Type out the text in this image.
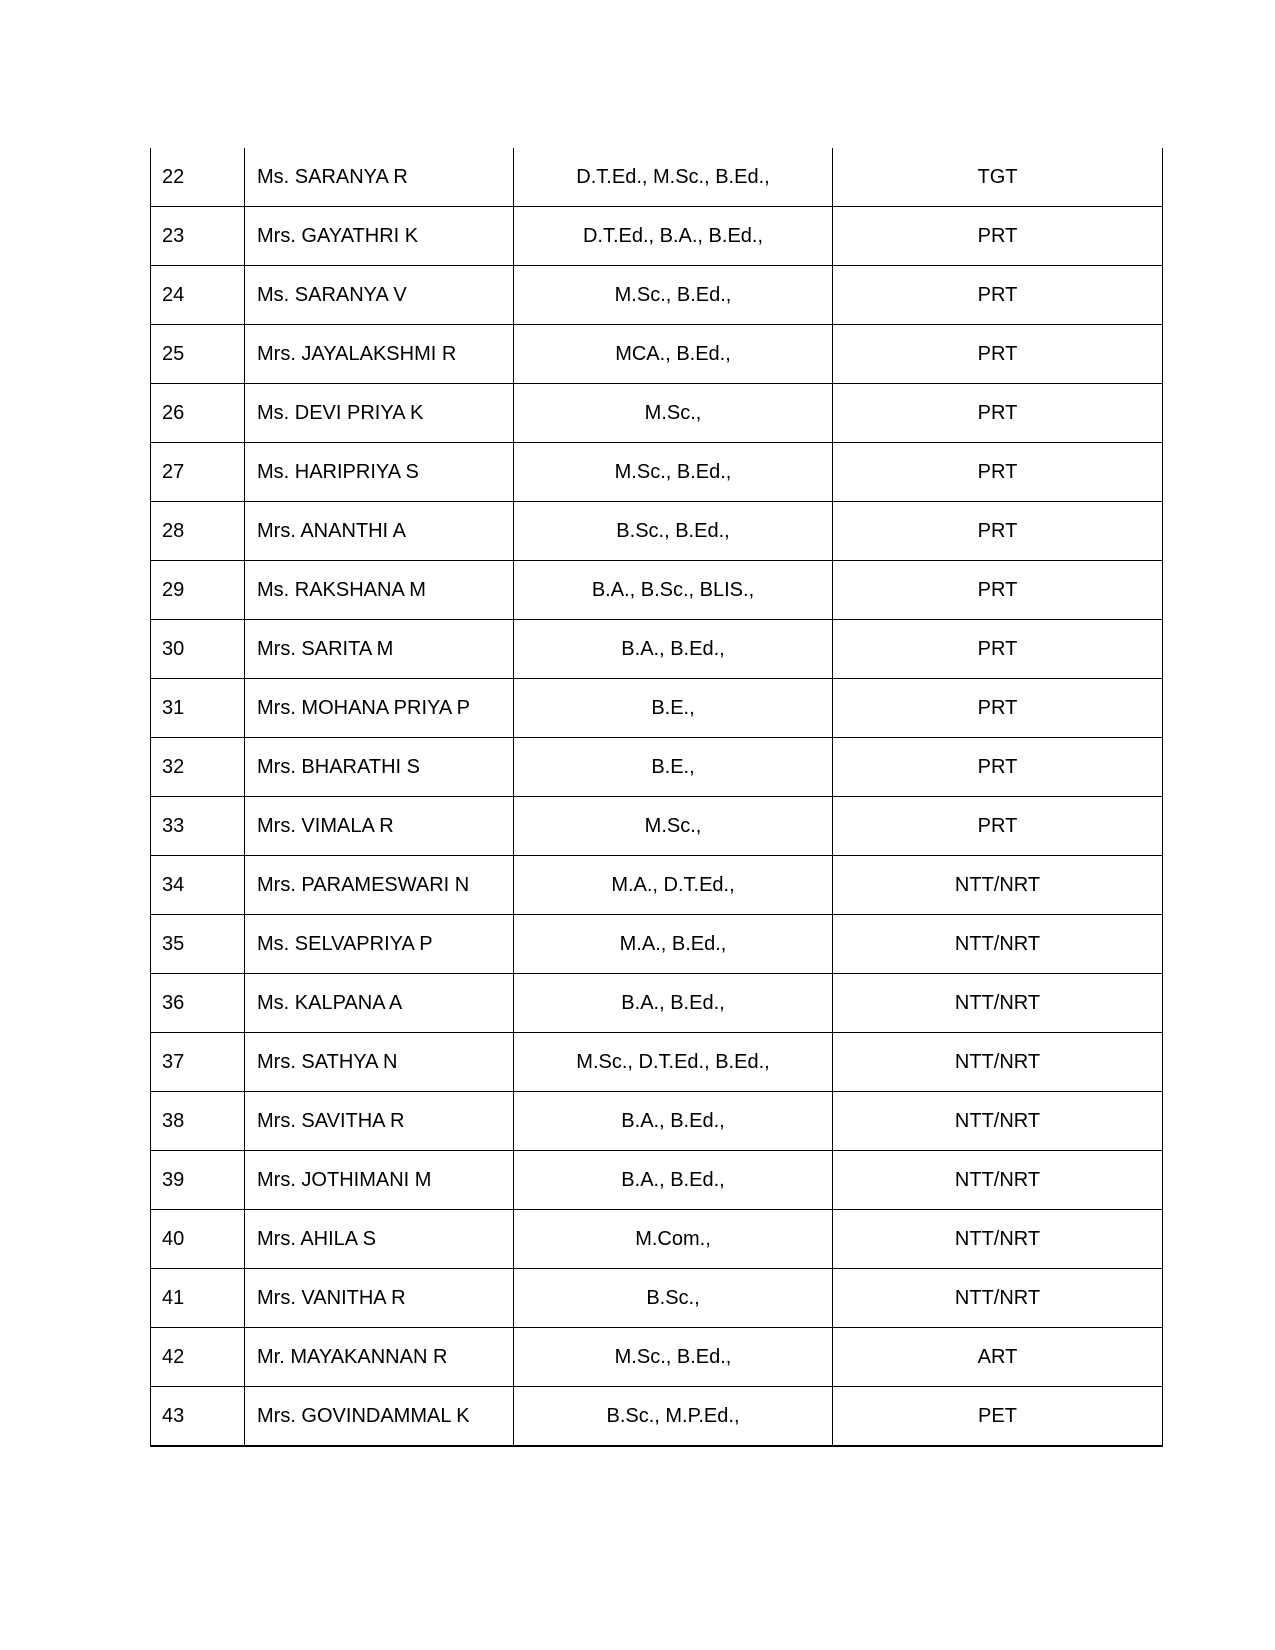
22	Ms. SARANYA R	D.T.Ed., M.Sc., B.Ed.,	TGT
23	Mrs. GAYATHRI K	D.T.Ed., B.A., B.Ed.,	PRT
24	Ms. SARANYA V	M.Sc., B.Ed.,	PRT
25	Mrs. JAYALAKSHMI R	MCA., B.Ed.,	PRT
26	Ms. DEVI PRIYA K	M.Sc.,	PRT
27	Ms. HARIPRIYA S	M.Sc., B.Ed.,	PRT
28	Mrs. ANANTHI A	B.Sc., B.Ed.,	PRT
29	Ms. RAKSHANA M	B.A., B.Sc., BLIS.,	PRT
30	Mrs. SARITA M	B.A., B.Ed.,	PRT
31	Mrs. MOHANA PRIYA P	B.E.,	PRT
32	Mrs. BHARATHI S	B.E.,	PRT
33	Mrs. VIMALA R	M.Sc.,	PRT
34	Mrs. PARAMESWARI N	M.A., D.T.Ed.,	NTT/NRT
35	Ms. SELVAPRIYA P	M.A., B.Ed.,	NTT/NRT
36	Ms. KALPANA A	B.A., B.Ed.,	NTT/NRT
37	Mrs. SATHYA N	M.Sc., D.T.Ed., B.Ed.,	NTT/NRT
38	Mrs. SAVITHA R	B.A., B.Ed.,	NTT/NRT
39	Mrs. JOTHIMANI M	B.A., B.Ed.,	NTT/NRT
40	Mrs. AHILA S	M.Com.,	NTT/NRT
41	Mrs. VANITHA R	B.Sc.,	NTT/NRT
42	Mr. MAYAKANNAN R	M.Sc., B.Ed.,	ART
43	Mrs. GOVINDAMMAL K	B.Sc., M.P.Ed.,	PET
